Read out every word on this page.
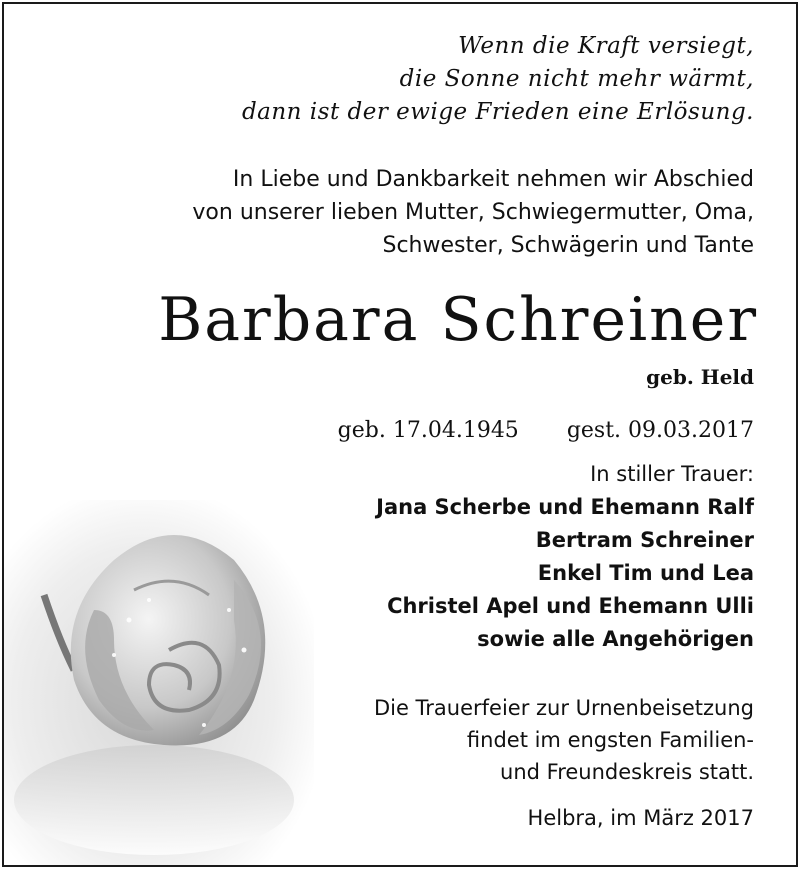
Wenn die Kraft versiegt,
die Sonne nicht mehr wärmt,
dann ist der ewige Frieden eine Erlösung.
In Liebe und Dankbarkeit nehmen wir Abschied
von unserer lieben Mutter, Schwiegermutter, Oma,
Schwester, Schwägerin und Tante
Barbara Schreiner
geb. Held
geb. 17.04.1945 gest. 09.03.2017
In stiller Trauer:
Jana Scherbe und Ehemann Ralf
Bertram Schreiner
Enkel Tim und Lea
Christel Apel und Ehemann Ulli
sowie alle Angehörigen
Die Trauerfeier zur Urnenbeisetzung
findet im engsten Familien-
und Freundeskreis statt.
Helbra, im März 2017
